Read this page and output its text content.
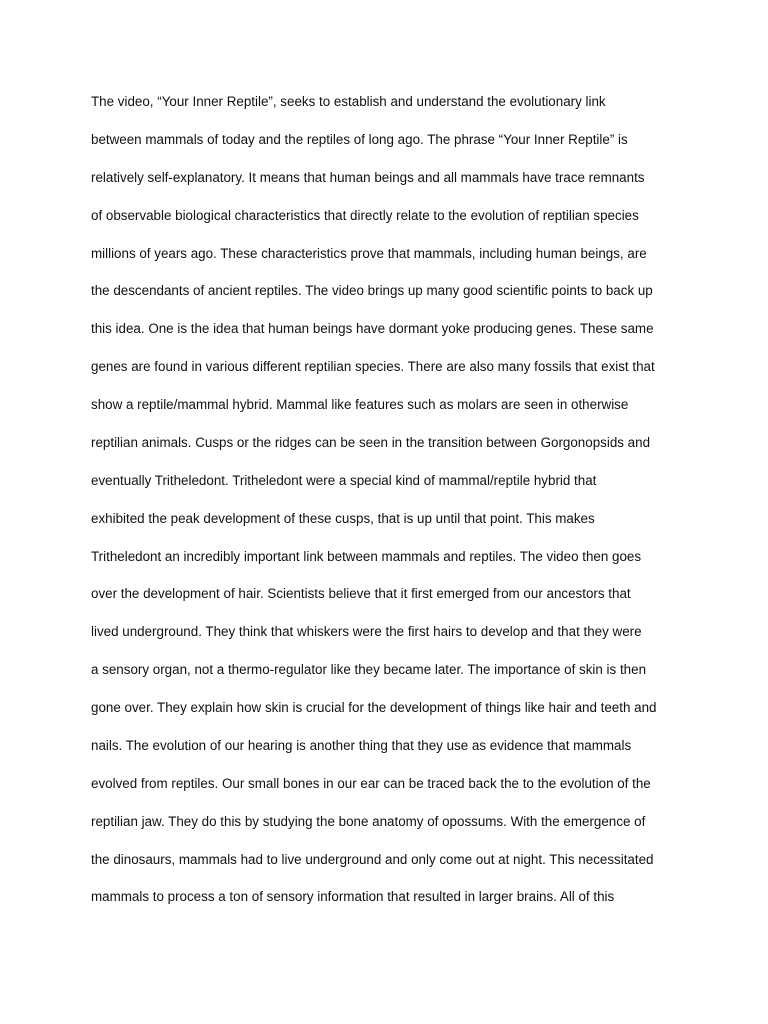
The video, “Your Inner Reptile”, seeks to establish and understand the evolutionary link
between mammals of today and the reptiles of long ago. The phrase “Your Inner Reptile” is
relatively self-explanatory. It means that human beings and all mammals have trace remnants
of observable biological characteristics that directly relate to the evolution of reptilian species
millions of years ago. These characteristics prove that mammals, including human beings, are
the descendants of ancient reptiles. The video brings up many good scientific points to back up
this idea. One is the idea that human beings have dormant yoke producing genes. These same
genes are found in various different reptilian species. There are also many fossils that exist that
show a reptile/mammal hybrid. Mammal like features such as molars are seen in otherwise
reptilian animals. Cusps or the ridges can be seen in the transition between Gorgonopsids and
eventually Tritheledont. Tritheledont were a special kind of mammal/reptile hybrid that
exhibited the peak development of these cusps, that is up until that point. This makes
Tritheledont an incredibly important link between mammals and reptiles. The video then goes
over the development of hair. Scientists believe that it first emerged from our ancestors that
lived underground. They think that whiskers were the first hairs to develop and that they were
a sensory organ, not a thermo-regulator like they became later. The importance of skin is then
gone over. They explain how skin is crucial for the development of things like hair and teeth and
nails. The evolution of our hearing is another thing that they use as evidence that mammals
evolved from reptiles. Our small bones in our ear can be traced back the to the evolution of the
reptilian jaw. They do this by studying the bone anatomy of opossums. With the emergence of
the dinosaurs, mammals had to live underground and only come out at night. This necessitated
mammals to process a ton of sensory information that resulted in larger brains. All of this
